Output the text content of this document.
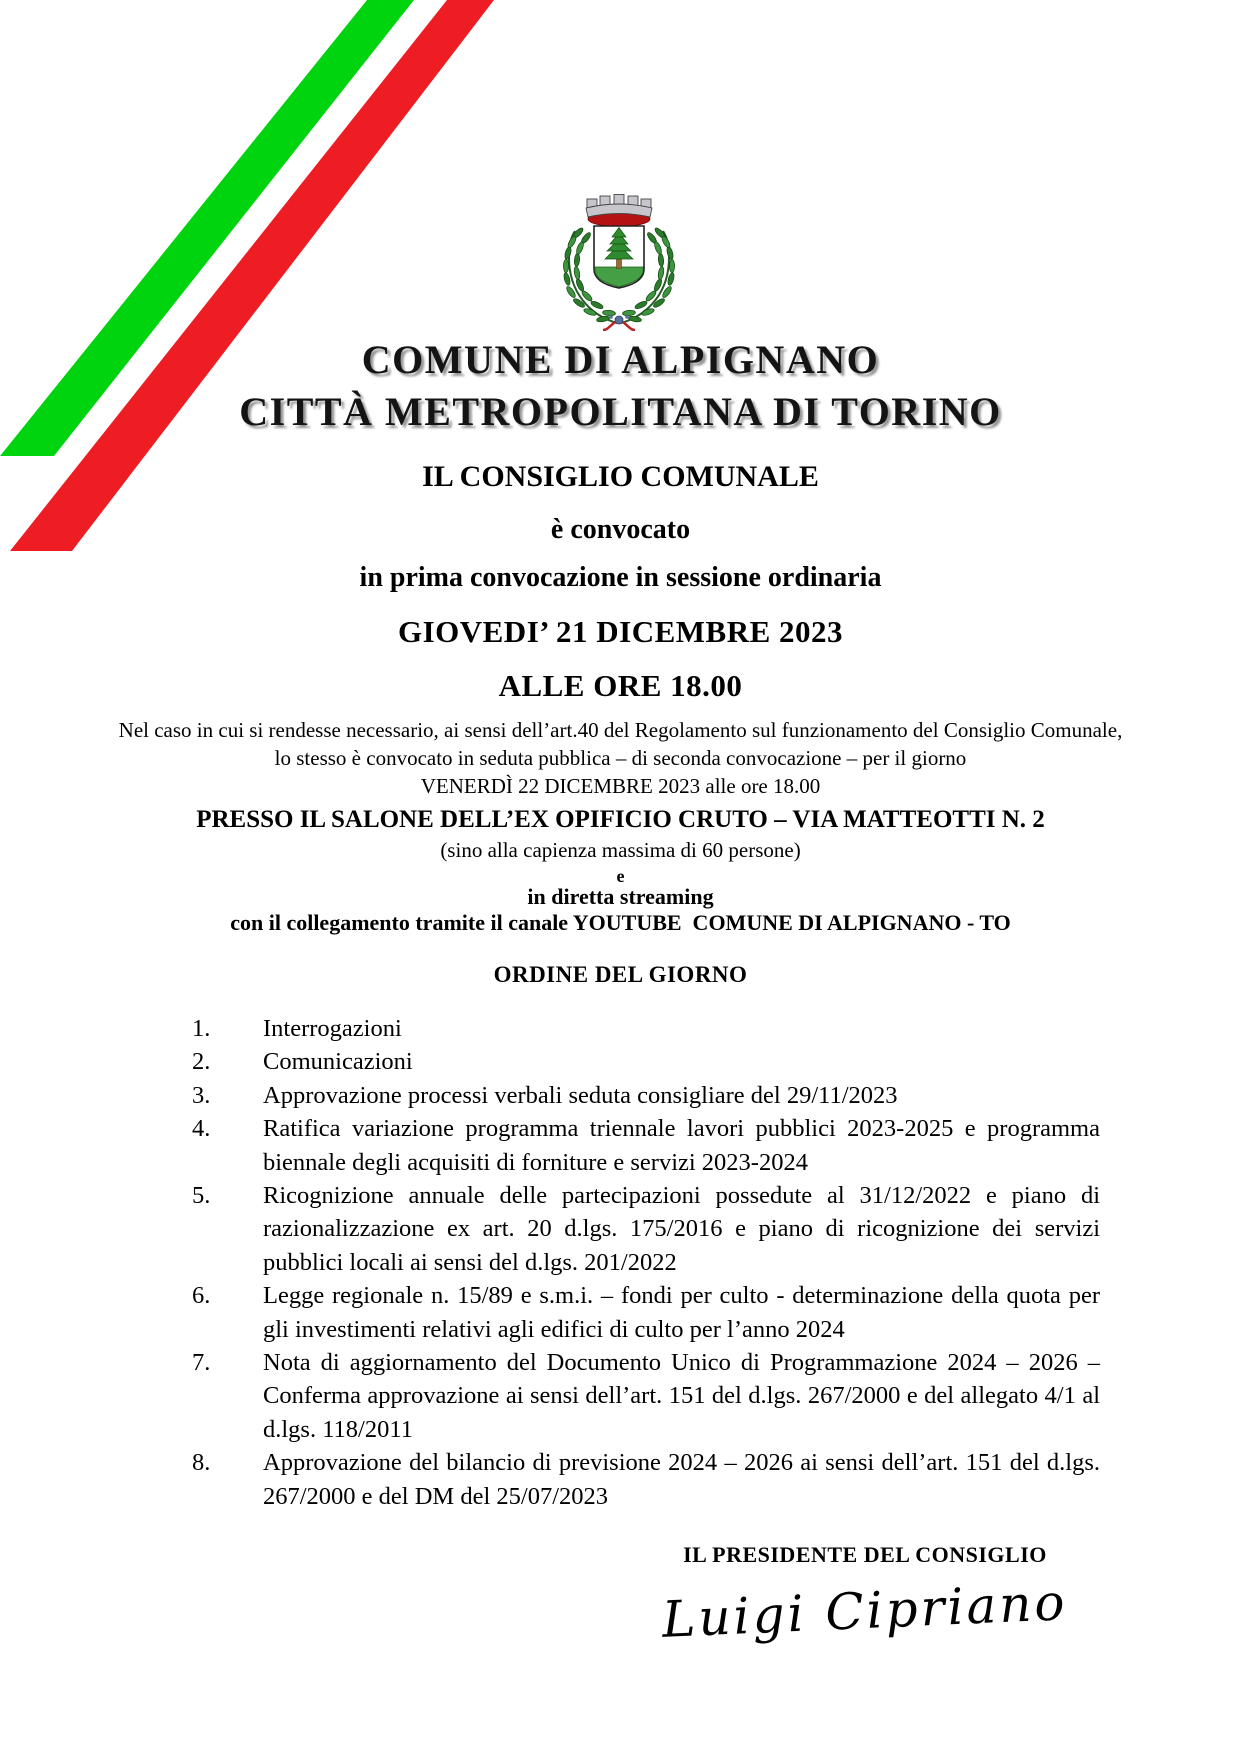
COMUNE DI ALPIGNANO
CITTÀ METROPOLITANA DI TORINO
IL CONSIGLIO COMUNALE
è convocato
in prima convocazione in sessione ordinaria
GIOVEDI’ 21 DICEMBRE 2023
ALLE ORE 18.00
Nel caso in cui si rendesse necessario, ai sensi dell’art.40 del Regolamento sul funzionamento del Consiglio Comunale,
lo stesso è convocato in seduta pubblica – di seconda convocazione – per il giorno
VENERDÌ 22 DICEMBRE 2023 alle ore 18.00
PRESSO IL SALONE DELL’EX OPIFICIO CRUTO – VIA MATTEOTTI N. 2
(sino alla capienza massima di 60 persone)
e
in diretta streaming
con il collegamento tramite il canale YOUTUBE  COMUNE DI ALPIGNANO - TO
ORDINE DEL GIORNO
Interrogazioni
Comunicazioni
Approvazione processi verbali seduta consigliare del 29/11/2023
Ratifica variazione programma triennale lavori pubblici 2023-2025 e programma biennale degli acquisiti di forniture e servizi 2023-2024
Ricognizione annuale delle partecipazioni possedute al 31/12/2022 e piano di razionalizzazione ex art. 20 d.lgs. 175/2016 e piano di ricognizione dei servizi pubblici locali ai sensi del d.lgs. 201/2022
Legge regionale n. 15/89 e s.m.i. – fondi per culto - determinazione della quota per gli investimenti relativi agli edifici di culto per l’anno 2024
Nota di aggiornamento del Documento Unico di Programmazione 2024 – 2026 – Conferma approvazione ai sensi dell’art. 151 del d.lgs. 267/2000 e del allegato 4/1 al d.lgs. 118/2011
Approvazione del bilancio di previsione 2024 – 2026 ai sensi dell’art. 151 del d.lgs. 267/2000 e del DM del 25/07/2023
IL PRESIDENTE DEL CONSIGLIO
Luigi Cipriano
